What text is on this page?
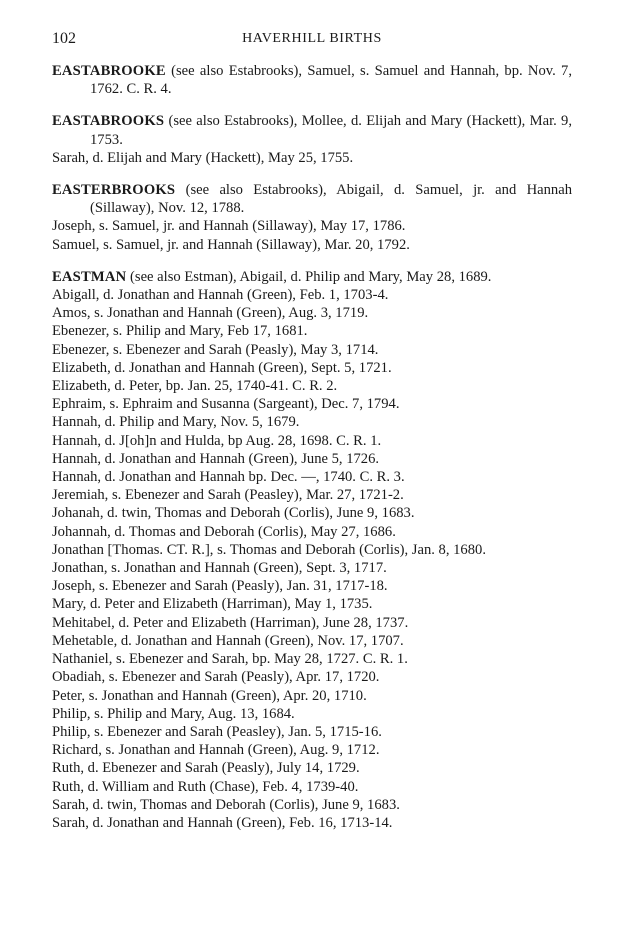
102	HAVERHILL BIRTHS
EASTABROOKE (see also Estabrooks), Samuel, s. Samuel and Hannah, bp. Nov. 7, 1762. C. R. 4.
EASTABROOKS (see also Estabrooks), Mollee, d. Elijah and Mary (Hackett), Mar. 9, 1753.
Sarah, d. Elijah and Mary (Hackett), May 25, 1755.
EASTERBROOKS (see also Estabrooks), Abigail, d. Samuel, jr. and Hannah (Sillaway), Nov. 12, 1788.
Joseph, s. Samuel, jr. and Hannah (Sillaway), May 17, 1786.
Samuel, s. Samuel, jr. and Hannah (Sillaway), Mar. 20, 1792.
EASTMAN (see also Estman), Abigail, d. Philip and Mary, May 28, 1689.
Abigall, d. Jonathan and Hannah (Green), Feb. 1, 1703-4.
Amos, s. Jonathan and Hannah (Green), Aug. 3, 1719.
Ebenezer, s. Philip and Mary, Feb 17, 1681.
Ebenezer, s. Ebenezer and Sarah (Peasly), May 3, 1714.
Elizabeth, d. Jonathan and Hannah (Green), Sept. 5, 1721.
Elizabeth, d. Peter, bp. Jan. 25, 1740-41. C. R. 2.
Ephraim, s. Ephraim and Susanna (Sargeant), Dec. 7, 1794.
Hannah, d. Philip and Mary, Nov. 5, 1679.
Hannah, d. J[oh]n and Hulda, bp Aug. 28, 1698. C. R. 1.
Hannah, d. Jonathan and Hannah (Green), June 5, 1726.
Hannah, d. Jonathan and Hannah bp. Dec. —, 1740. C. R. 3.
Jeremiah, s. Ebenezer and Sarah (Peasley), Mar. 27, 1721-2.
Johanah, d. twin, Thomas and Deborah (Corlis), June 9, 1683.
Johannah, d. Thomas and Deborah (Corlis), May 27, 1686.
Jonathan [Thomas. CT. R.], s. Thomas and Deborah (Corlis), Jan. 8, 1680.
Jonathan, s. Jonathan and Hannah (Green), Sept. 3, 1717.
Joseph, s. Ebenezer and Sarah (Peasly), Jan. 31, 1717-18.
Mary, d. Peter and Elizabeth (Harriman), May 1, 1735.
Mehitabel, d. Peter and Elizabeth (Harriman), June 28, 1737.
Mehetable, d. Jonathan and Hannah (Green), Nov. 17, 1707.
Nathaniel, s. Ebenezer and Sarah, bp. May 28, 1727. C. R. 1.
Obadiah, s. Ebenezer and Sarah (Peasly), Apr. 17, 1720.
Peter, s. Jonathan and Hannah (Green), Apr. 20, 1710.
Philip, s. Philip and Mary, Aug. 13, 1684.
Philip, s. Ebenezer and Sarah (Peasley), Jan. 5, 1715-16.
Richard, s. Jonathan and Hannah (Green), Aug. 9, 1712.
Ruth, d. Ebenezer and Sarah (Peasly), July 14, 1729.
Ruth, d. William and Ruth (Chase), Feb. 4, 1739-40.
Sarah, d. twin, Thomas and Deborah (Corlis), June 9, 1683.
Sarah, d. Jonathan and Hannah (Green), Feb. 16, 1713-14.
